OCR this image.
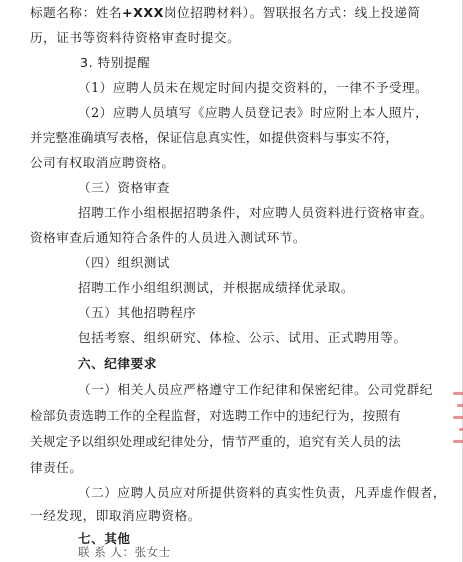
标题名称：姓名+XXX岗位招聘材料）。智联报名方式：线上投递简
历，证书等资料待资格审查时提交。
3. 特别提醒
（1）应聘人员未在规定时间内提交资料的，一律不予受理。
（2）应聘人员填写《应聘人员登记表》时应附上本人照片，
并完整准确填写表格，保证信息真实性，如提供资料与事实不符，
公司有权取消应聘资格。
（三）资格审查
招聘工作小组根据招聘条件，对应聘人员资料进行资格审查。
资格审查后通知符合条件的人员进入测试环节。
（四）组织测试
招聘工作小组组织测试，并根据成绩择优录取。
（五）其他招聘程序
包括考察、组织研究、体检、公示、试用、正式聘用等。
六、纪律要求
（一）相关人员应严格遵守工作纪律和保密纪律。公司党群纪
检部负责选聘工作的全程监督，对选聘工作中的违纪行为，按照有
关规定予以组织处理或纪律处分，情节严重的，追究有关人员的法
律责任。
（二）应聘人员应对所提供资料的真实性负责，凡弄虚作假者，
一经发现，即取消应聘资格。
七、其他
联 系 人：张女士
